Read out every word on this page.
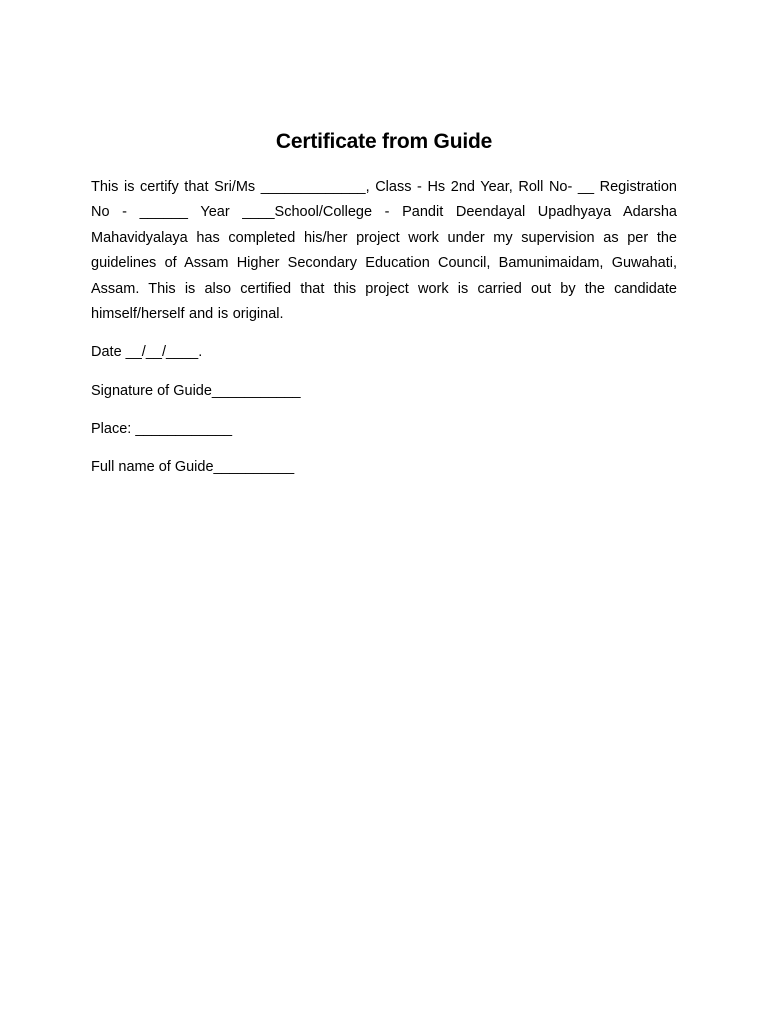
Certificate from Guide

This is certify that Sri/Ms _____________, Class - Hs 2nd Year, Roll No- __ Registration No - ______ Year ____School/College - Pandit Deendayal Upadhyaya Adarsha Mahavidyalaya has completed his/her project work under my supervision as per the guidelines of Assam Higher Secondary Education Council, Bamunimaidam, Guwahati, Assam. This is also certified that this project work is carried out by the candidate himself/herself and is original.

Date __/__/____.

Signature of Guide___________

Place: ____________

Full name of Guide__________
